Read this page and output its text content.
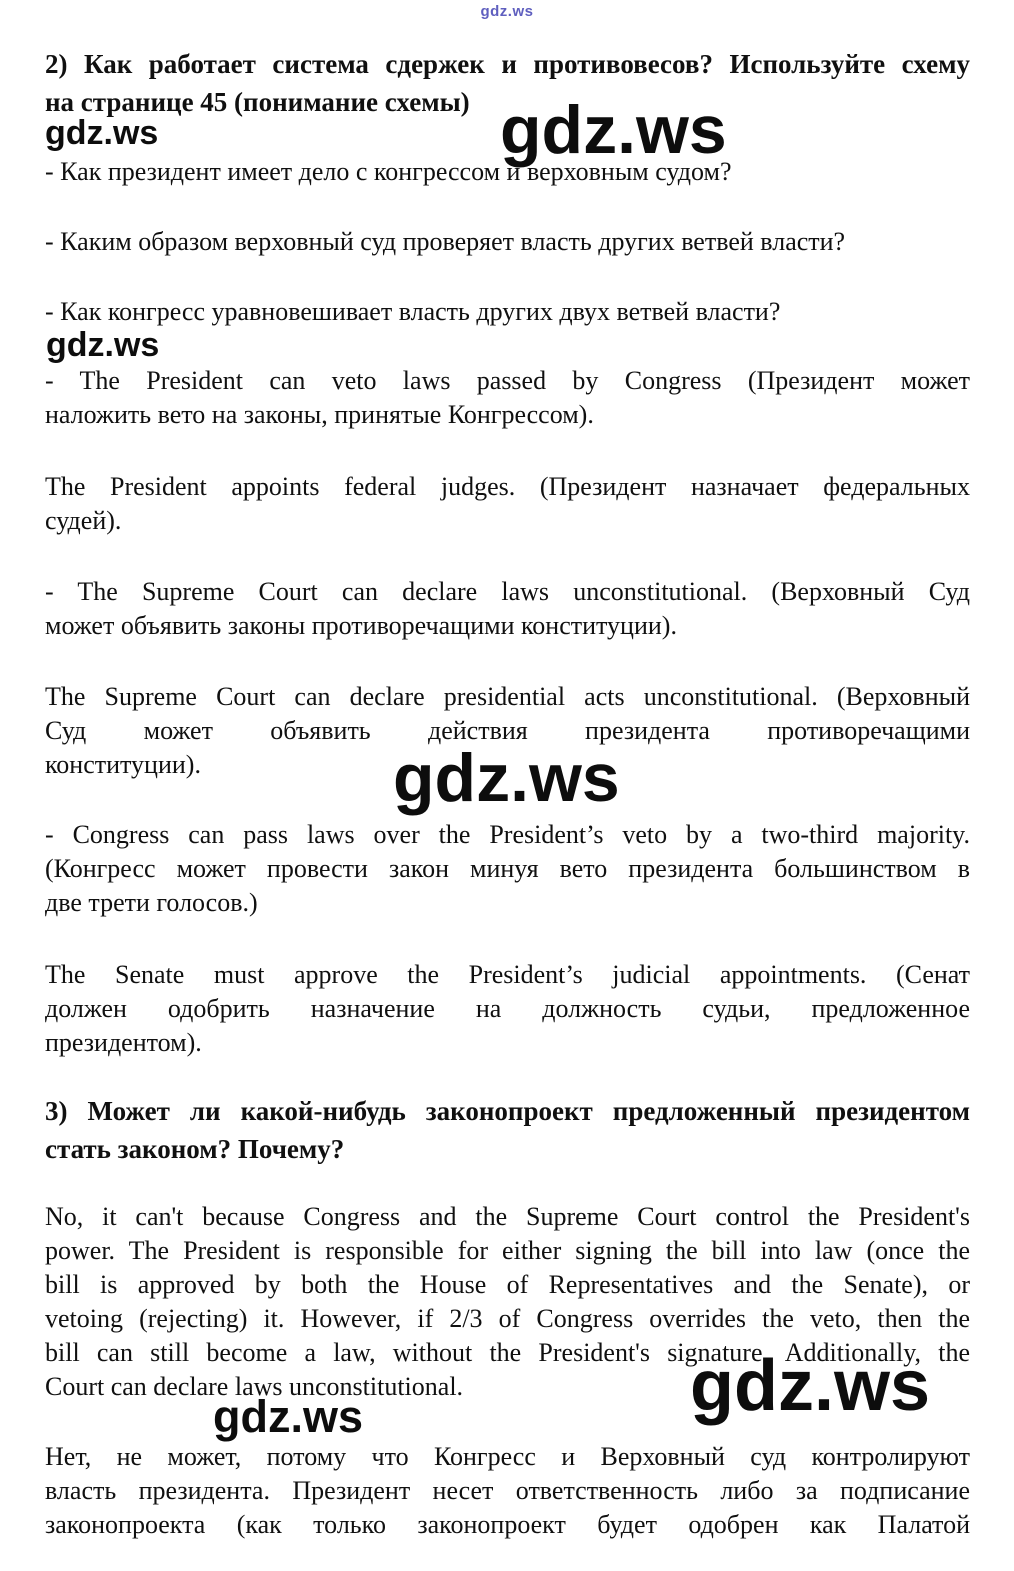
gdz.ws
2) Как работает система сдержек и противовесов? Используйте схему
на странице 45 (понимание схемы)
- Как президент имеет дело с конгрессом и верховным судом?
- Каким образом верховный суд проверяет власть других ветвей власти?
- Как конгресс уравновешивает власть других двух ветвей власти?
- The President can veto laws passed by Congress (Президент может
наложить вето на законы, принятые Конгрессом).
The President appoints federal judges. (Президент назначает федеральных
судей).
- The Supreme Court can declare laws unconstitutional. (Верховный Суд
может объявить законы противоречащими конституции).
The Supreme Court can declare presidential acts unconstitutional. (Верховный
Суд может объявить действия президента противоречащими
конституции).
- Congress can pass laws over the President’s veto by a two-third majority.
(Конгресс может провести закон минуя вето президента большинством в
две трети голосов.)
The Senate must approve the President’s judicial appointments. (Сенат
должен одобрить назначение на должность судьи, предложенное
президентом).
3) Может ли какой-нибудь законопроект предложенный президентом
стать законом? Почему?
No, it can't because Congress and the Supreme Court control the President's
power. The President is responsible for either signing the bill into law (once the
bill is approved by both the House of Representatives and the Senate), or
vetoing (rejecting) it. However, if 2/3 of Congress overrides the veto, then the
bill can still become a law, without the President's signature. Additionally, the
Court can declare laws unconstitutional.
Нет, не может, потому что Конгресс и Верховный суд контролируют
власть президента. Президент несет ответственность либо за подписание
законопроекта (как только законопроект будет одобрен как Палатой
gdz.ws	gdz.ws
gdz.ws
gdz.ws
gdz.ws	gdz.ws
